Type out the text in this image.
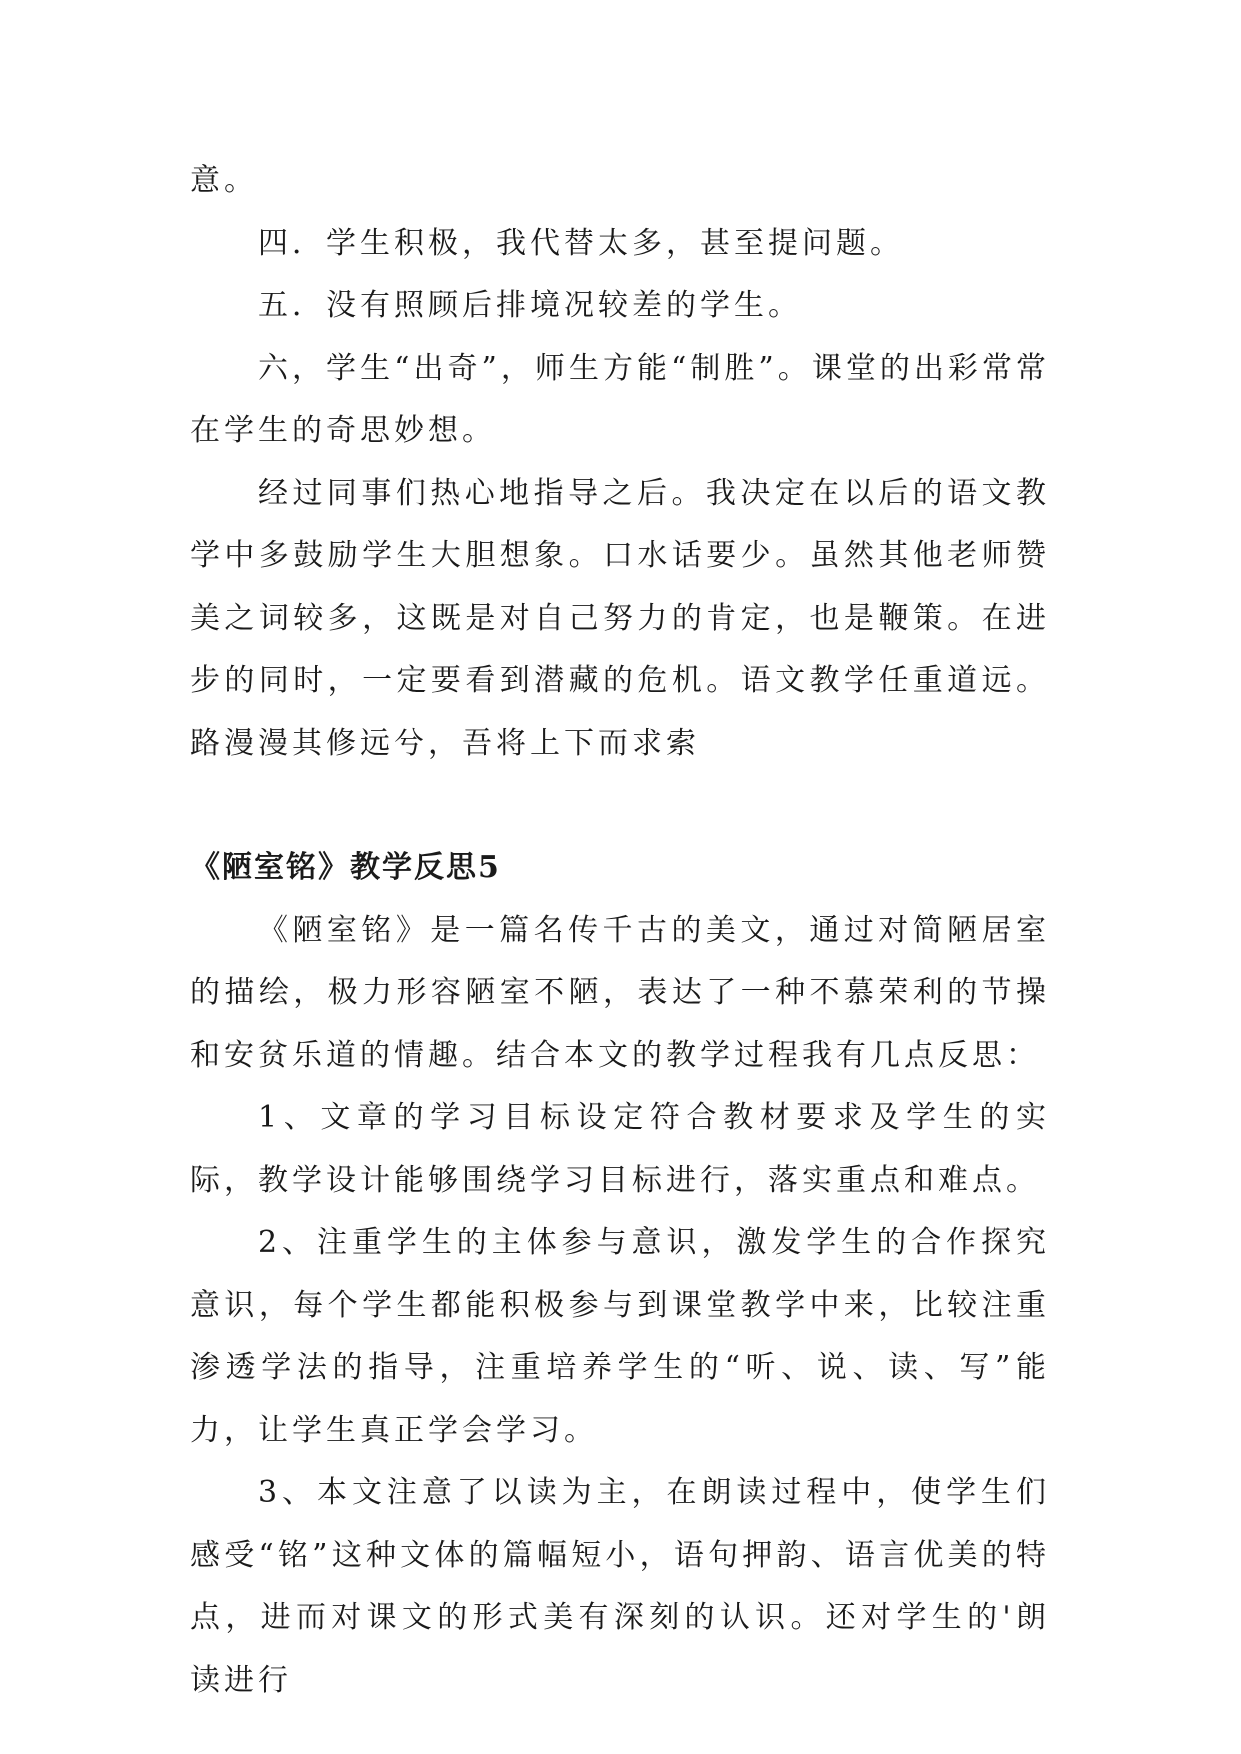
意。

四．学生积极，我代替太多，甚至提问题。

五．没有照顾后排境况较差的学生。

六，学生“出奇”，师生方能“制胜”。课堂的出彩常常在学生的奇思妙想。

经过同事们热心地指导之后。我决定在以后的语文教学中多鼓励学生大胆想象。口水话要少。虽然其他老师赞美之词较多，这既是对自己努力的肯定，也是鞭策。在进步的同时，一定要看到潜藏的危机。语文教学任重道远。路漫漫其修远兮，吾将上下而求索

《陋室铭》教学反思5

《陋室铭》是一篇名传千古的美文，通过对简陋居室的描绘，极力形容陋室不陋，表达了一种不慕荣利的节操和安贫乐道的情趣。结合本文的教学过程我有几点反思：

1、文章的学习目标设定符合教材要求及学生的实际，教学设计能够围绕学习目标进行，落实重点和难点。

2、注重学生的主体参与意识，激发学生的合作探究意识，每个学生都能积极参与到课堂教学中来，比较注重渗透学法的指导，注重培养学生的“听、说、读、写”能力，让学生真正学会学习。

3、本文注意了以读为主，在朗读过程中，使学生们感受“铭”这种文体的篇幅短小，语句押韵、语言优美的特点，进而对课文的形式美有深刻的认识。还对学生的'朗读进行
